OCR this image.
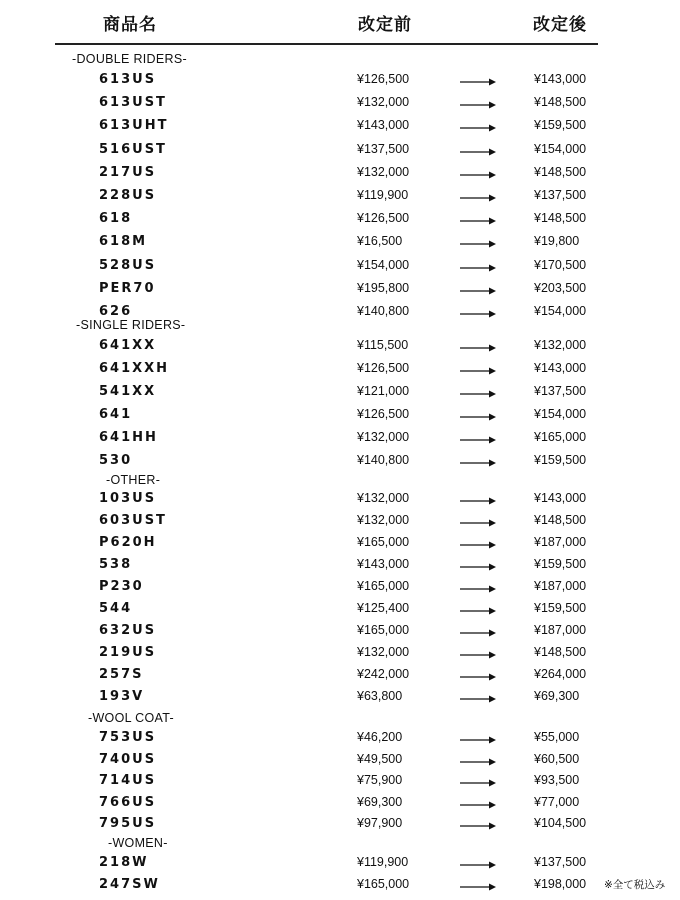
商品名	改定前	改定後
-DOUBLE RIDERS-
613US	¥126,500	¥143,000
613UST	¥132,000	¥148,500
613UHT	¥143,000	¥159,500
516UST	¥137,500	¥154,000
217US	¥132,000	¥148,500
228US	¥119,900	¥137,500
618	¥126,500	¥148,500
618M	¥16,500	¥19,800
528US	¥154,000	¥170,500
PER70	¥195,800	¥203,500
626	¥140,800	¥154,000
-SINGLE RIDERS-
641XX	¥115,500	¥132,000
641XXH	¥126,500	¥143,000
541XX	¥121,000	¥137,500
641	¥126,500	¥154,000
641HH	¥132,000	¥165,000
530	¥140,800	¥159,500
-OTHER-
103US	¥132,000	¥143,000
603UST	¥132,000	¥148,500
P620H	¥165,000	¥187,000
538	¥143,000	¥159,500
P230	¥165,000	¥187,000
544	¥125,400	¥159,500
632US	¥165,000	¥187,000
219US	¥132,000	¥148,500
257S	¥242,000	¥264,000
193V	¥63,800	¥69,300
-WOOL COAT-
753US	¥46,200	¥55,000
740US	¥49,500	¥60,500
714US	¥75,900	¥93,500
766US	¥69,300	¥77,000
795US	¥97,900	¥104,500
-WOMEN-
218W	¥119,900	¥137,500
247SW	¥165,000	¥198,000 ※全て税込み
